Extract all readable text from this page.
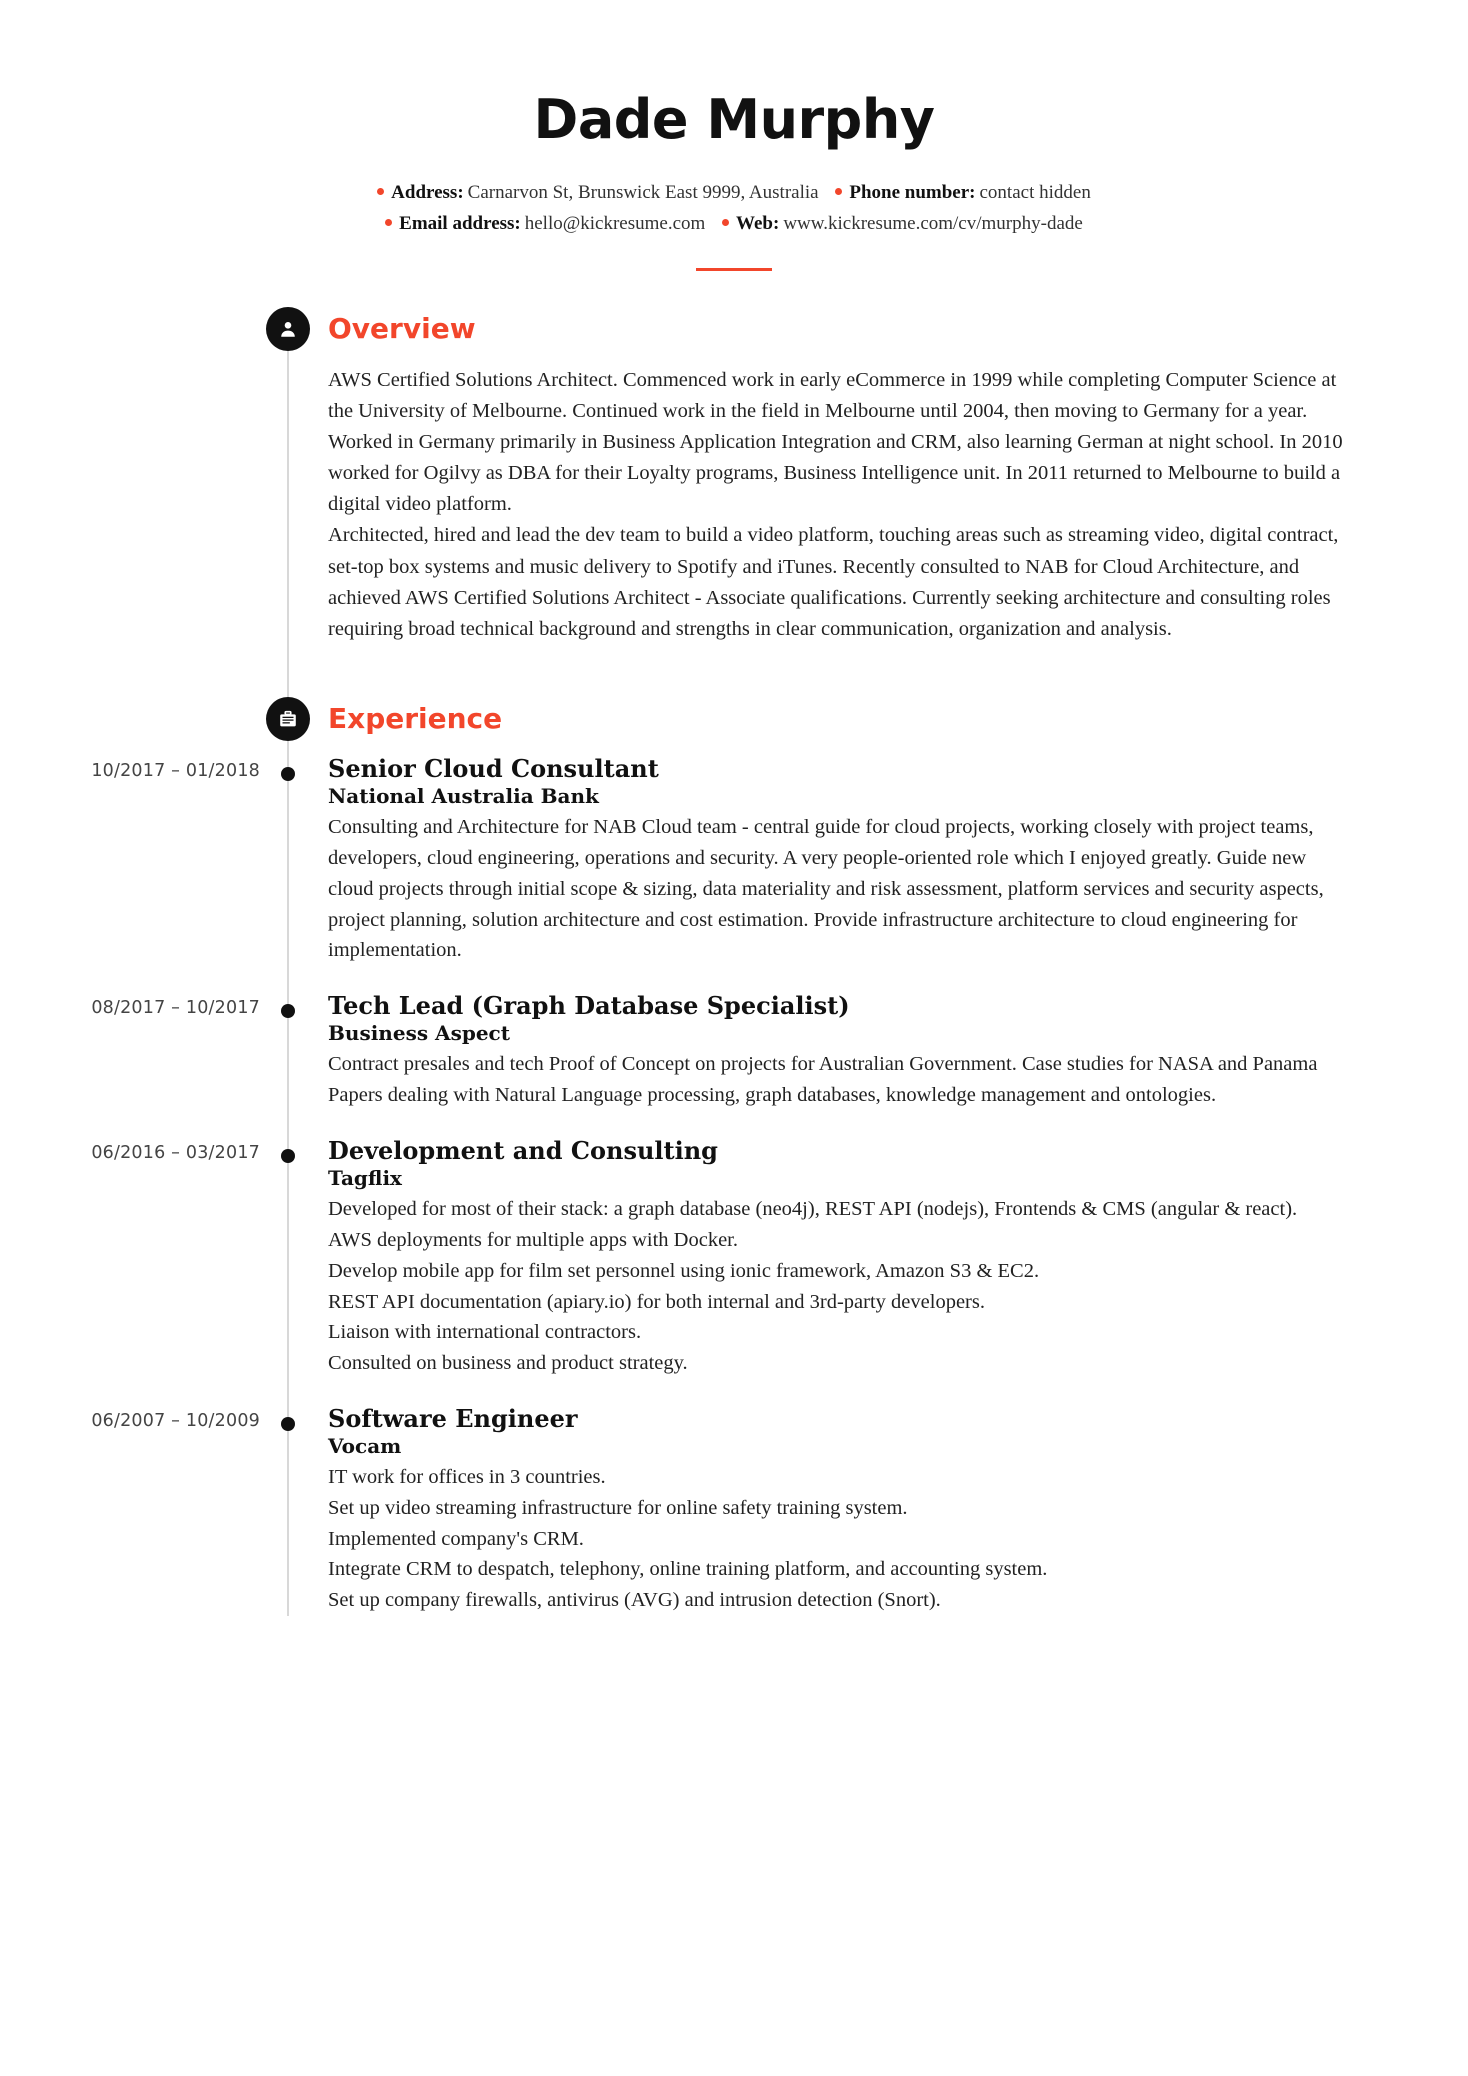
Dade Murphy
Address: Carnarvon St, Brunswick East 9999, Australia Phone number: contact hidden
Email address: hello@kickresume.com Web: www.kickresume.com/cv/murphy-dade
Overview

AWS Certified Solutions Architect. Commenced work in early eCommerce in 1999 while completing Computer Science at the University of Melbourne. Continued work in the field in Melbourne until 2004, then moving to Germany for a year. Worked in Germany primarily in Business Application Integration and CRM, also learning German at night school. In 2010 worked for Ogilvy as DBA for their Loyalty programs, Business Intelligence unit. In 2011 returned to Melbourne to build a digital video platform.

Architected, hired and lead the dev team to build a video platform, touching areas such as streaming video, digital contract, set-top box systems and music delivery to Spotify and iTunes. Recently consulted to NAB for Cloud Architecture, and achieved AWS Certified Solutions Architect - Associate qualifications. Currently seeking architecture and consulting roles requiring broad technical background and strengths in clear communication, organization and analysis.

Experience
10/2017 – 01/2018	Senior Cloud Consultant
National Australia Bank
Consulting and Architecture for NAB Cloud team - central guide for cloud projects, working closely with project teams, developers, cloud engineering, operations and security. A very people-oriented role which I enjoyed greatly. Guide new cloud projects through initial scope & sizing, data materiality and risk assessment, platform services and security aspects, project planning, solution architecture and cost estimation. Provide infrastructure architecture to cloud engineering for implementation.
08/2017 – 10/2017	Tech Lead (Graph Database Specialist)
Business Aspect
Contract presales and tech Proof of Concept on projects for Australian Government. Case studies for NASA and Panama Papers dealing with Natural Language processing, graph databases, knowledge management and ontologies.
06/2016 – 03/2017	Development and Consulting
Tagflix
Developed for most of their stack: a graph database (neo4j), REST API (nodejs), Frontends & CMS (angular & react).
AWS deployments for multiple apps with Docker.
Develop mobile app for film set personnel using ionic framework, Amazon S3 & EC2.
REST API documentation (apiary.io) for both internal and 3rd-party developers.
Liaison with international contractors.
Consulted on business and product strategy.
06/2007 – 10/2009	Software Engineer
Vocam
IT work for offices in 3 countries.
Set up video streaming infrastructure for online safety training system.
Implemented company's CRM.
Integrate CRM to despatch, telephony, online training platform, and accounting system.
Set up company firewalls, antivirus (AVG) and intrusion detection (Snort).
